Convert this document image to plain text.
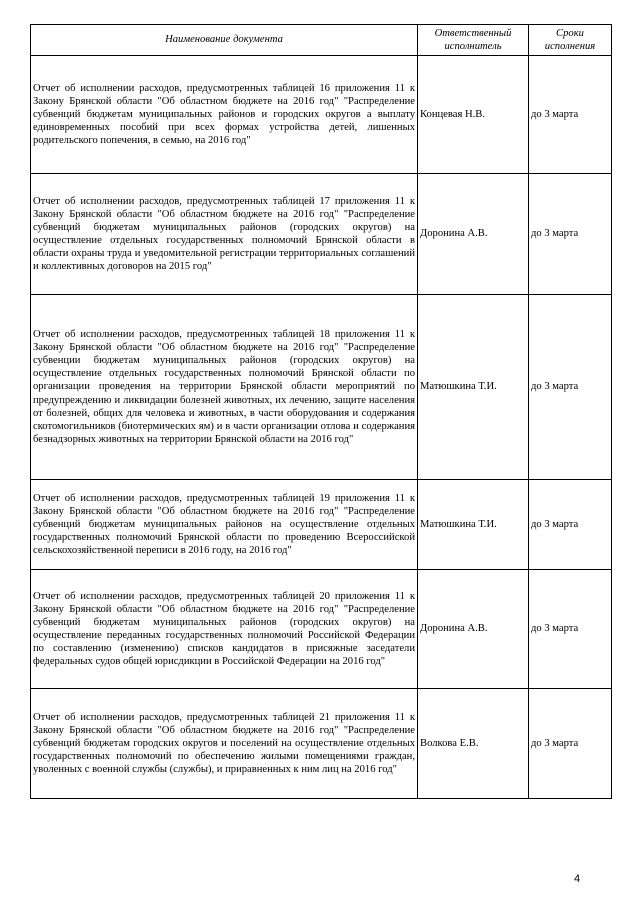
Наименование документа	Ответственный исполнитель	Сроки исполнения
Отчет об исполнении расходов, предусмотренных таблицей 16 приложения 11 к Закону Брянской области "Об областном бюджете на 2016 год" "Распределение субвенций бюджетам муниципальных районов и городских округов а выплату единовременных пособий при всех формах устройства детей, лишенных родительского попечения, в семью, на 2016 год"	Концевая Н.В.	до 3 марта
Отчет об исполнении расходов, предусмотренных таблицей 17 приложения 11 к Закону Брянской области "Об областном бюджете на 2016 год" "Распределение субвенций бюджетам муниципальных районов (городских округов) на осуществление отдельных государственных полномочий Брянской области в области охраны труда и уведомительной регистрации территориальных соглашений и коллективных договоров на 2015 год"	Доронина А.В.	до 3 марта
Отчет об исполнении расходов, предусмотренных таблицей 18 приложения 11 к Закону Брянской области "Об областном бюджете на 2016 год" "Распределение субвенции бюджетам муниципальных районов (городских округов) на осуществление отдельных государственных полномочий Брянской области по организации проведения на территории Брянской области мероприятий по предупреждению и ликвидации болезней животных, их лечению, защите населения от болезней, общих для человека и животных, в части оборудования и содержания скотомогильников (биотермических ям) и в части организации отлова и содержания безнадзорных животных на территории Брянской области на 2016 год"	Матюшкина Т.И.	до 3 марта
Отчет об исполнении расходов, предусмотренных таблицей 19 приложения 11 к Закону Брянской области "Об областном бюджете на 2016 год" "Распределение субвенций бюджетам муниципальных районов на осуществление отдельных государственных полномочий Брянской области по проведению Всероссийской сельскохозяйственной переписи в 2016 году, на 2016 год"	Матюшкина Т.И.	до 3 марта
Отчет об исполнении расходов, предусмотренных таблицей 20 приложения 11 к Закону Брянской области "Об областном бюджете на 2016 год" "Распределение субвенций бюджетам муниципальных районов (городских округов) на осуществление переданных государственных полномочий Российской Федерации по составлению (изменению) списков кандидатов в присяжные заседатели федеральных судов общей юрисдикции в Российской Федерации на 2016 год"	Доронина А.В.	до 3 марта
Отчет об исполнении расходов, предусмотренных таблицей 21 приложения 11 к Закону Брянской области "Об областном бюджете на 2016 год" "Распределение субвенций бюджетам городских округов и поселений на осуществление отдельных государственных полномочий по обеспечению жилыми помещениями граждан, уволенных с военной службы (службы), и приравненных к ним лиц на 2016 год"	Волкова Е.В.	до 3 марта
4
